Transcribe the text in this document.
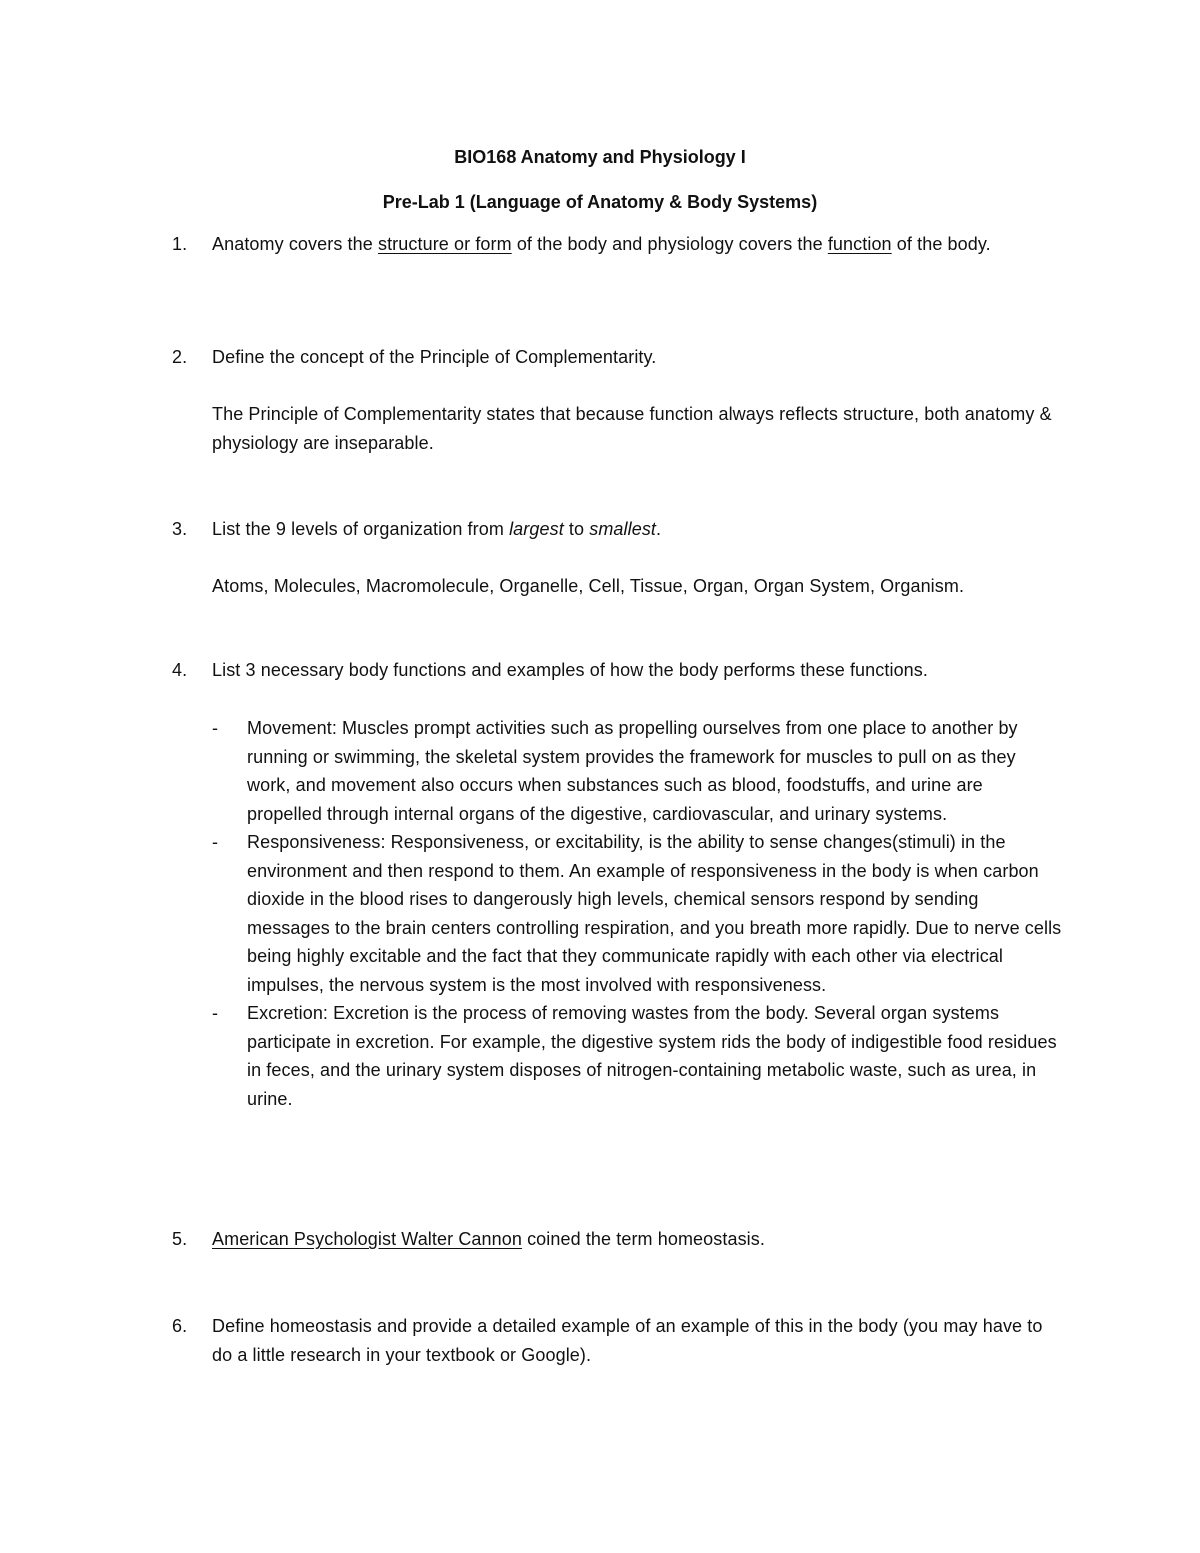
BIO168 Anatomy and Physiology I
Pre-Lab 1 (Language of Anatomy & Body Systems)
1.	Anatomy covers the structure or form of the body and physiology covers the function of the body.
2.	Define the concept of the Principle of Complementarity.
The Principle of Complementarity states that because function always reflects structure, both anatomy & physiology are inseparable.
3.	List the 9 levels of organization from largest to smallest.
Atoms, Molecules, Macromolecule, Organelle, Cell, Tissue, Organ, Organ System, Organism.
4.	List 3 necessary body functions and examples of how the body performs these functions.
- Movement: Muscles prompt activities such as propelling ourselves from one place to another by running or swimming, the skeletal system provides the framework for muscles to pull on as they work, and movement also occurs when substances such as blood, foodstuffs, and urine are propelled through internal organs of the digestive, cardiovascular, and urinary systems.
- Responsiveness: Responsiveness, or excitability, is the ability to sense changes(stimuli) in the environment and then respond to them. An example of responsiveness in the body is when carbon dioxide in the blood rises to dangerously high levels, chemical sensors respond by sending messages to the brain centers controlling respiration, and you breath more rapidly. Due to nerve cells being highly excitable and the fact that they communicate rapidly with each other via electrical impulses, the nervous system is the most involved with responsiveness.
- Excretion: Excretion is the process of removing wastes from the body. Several organ systems participate in excretion. For example, the digestive system rids the body of indigestible food residues in feces, and the urinary system disposes of nitrogen-containing metabolic waste, such as urea, in urine.
5.	American Psychologist Walter Cannon coined the term homeostasis.
6.	Define homeostasis and provide a detailed example of an example of this in the body (you may have to do a little research in your textbook or Google).
